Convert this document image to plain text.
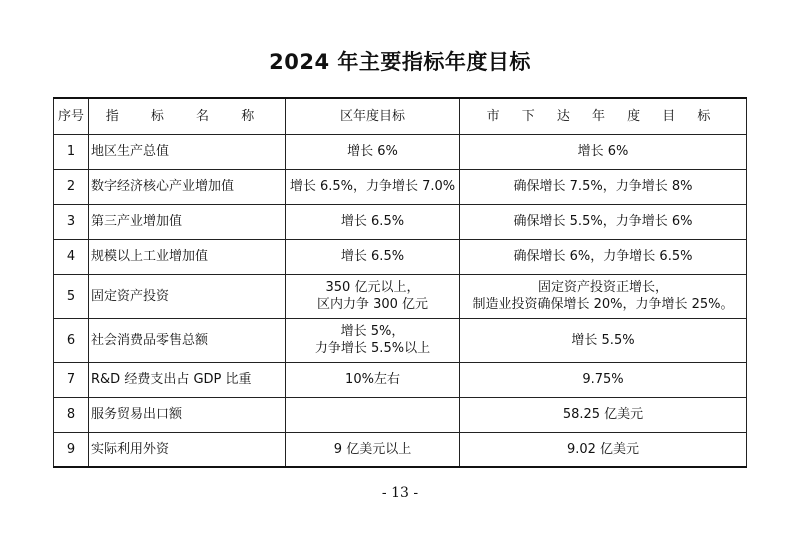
2024 年主要指标年度目标
序号	指 标 名 称	区年度目标	市 下 达 年 度 目 标
1	地区生产总值	增长 6%	增长 6%

2	数字经济核心产业增加值	增长 6.5%，力争增长 7.0%	确保增长 7.5%，力争增长 8%

3	第三产业增加值	增长 6.5%	确保增长 5.5%，力争增长 6%

4	规模以上工业增加值	增长 6.5%	确保增长 6%，力争增长 6.5%

5	固定资产投资	350 亿元以上，
区内力争 300 亿元	固定资产投资正增长，
制造业投资确保增长 20%，力争增长 25%。

6	社会消费品零售总额	增长 5%，
力争增长 5.5%以上	增长 5.5%

7	R&D 经费支出占 GDP 比重	10%左右	9.75%

8	服务贸易出口额		58.25 亿美元

9	实际利用外资	9 亿美元以上	9.02 亿美元
- 13 -
